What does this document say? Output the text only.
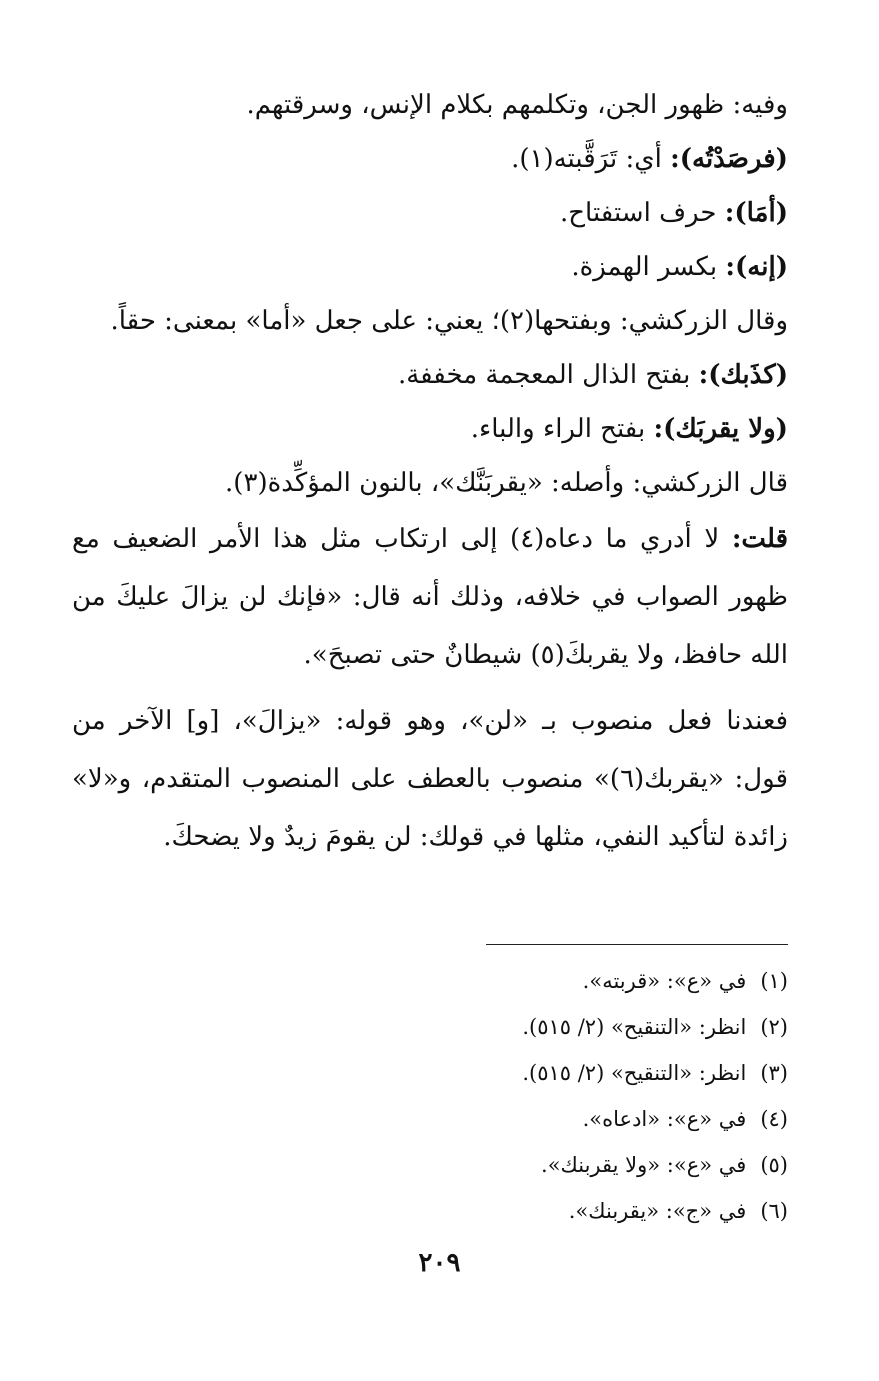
وفيه: ظهور الجن، وتكلمهم بكلام الإنس، وسرقتهم.

(فرصَدْتُه): أي: تَرَقَّبته(١).

(أمَا): حرف استفتاح.

(إنه): بكسر الهمزة.

وقال الزركشي: وبفتحها(٢)؛ يعني: على جعل «أما» بمعنى: حقاً.

(كذَبك): بفتح الذال المعجمة مخففة.

(ولا يقربَك): بفتح الراء والباء.

قال الزركشي: وأصله: «يقربَنَّك»، بالنون المؤكِّدة(٣).

قلت: لا أدري ما دعاه(٤) إلى ارتكاب مثل هذا الأمر الضعيف مع ظهور الصواب في خلافه، وذلك أنه قال: «فإنك لن يزالَ عليكَ من الله حافظ، ولا يقربكَ(٥) شيطانٌ حتى تصبحَ».

فعندنا فعل منصوب بـ «لن»، وهو قوله: «يزالَ»، [و] الآخر من قول: «يقربك(٦)» منصوب بالعطف على المنصوب المتقدم، و«لا» زائدة لتأكيد النفي، مثلها في قولك: لن يقومَ زيدٌ ولا يضحكَ.

(١)في «ع»: «قربته».

(٢)انظر: «التنقيح» (٢/ ٥١٥).

(٣)انظر: «التنقيح» (٢/ ٥١٥).

(٤)في «ع»: «ادعاه».

(٥)في «ع»: «ولا يقربنك».

(٦)في «ج»: «يقربنك».

٢٠٩
